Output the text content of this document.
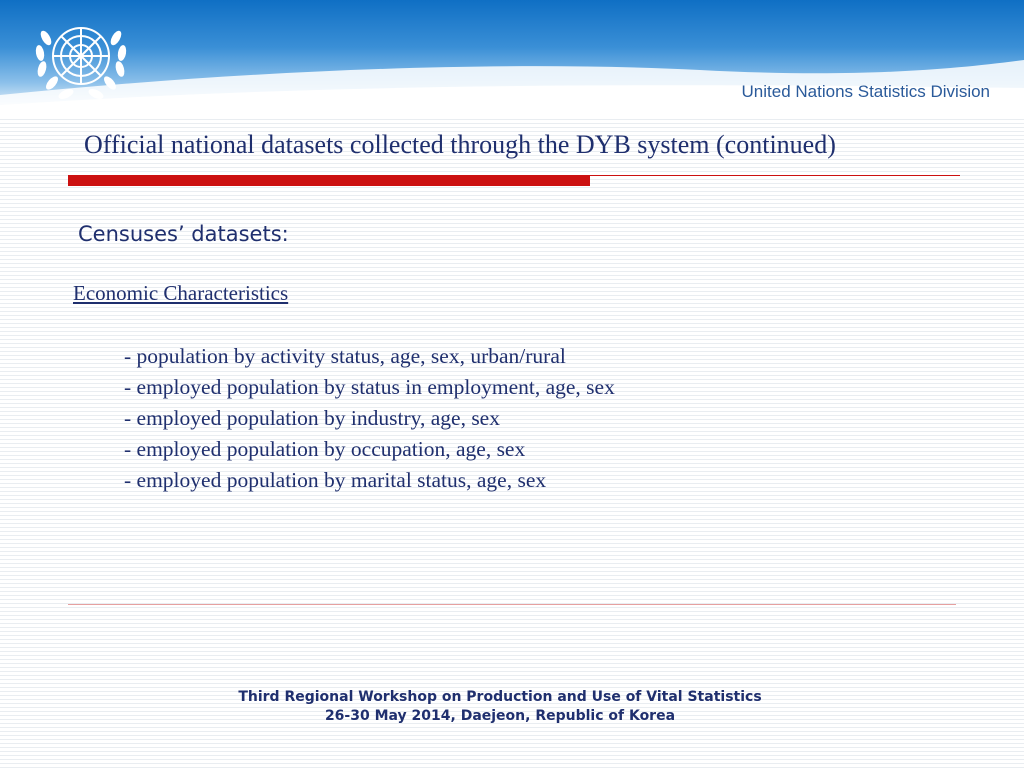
United Nations Statistics Division
Official national datasets collected through the DYB system (continued)
Censuses’ datasets:
Economic Characteristics
- population by activity status, age, sex, urban/rural
- employed population by status in employment, age, sex
- employed population by industry, age, sex
- employed population by occupation, age, sex
- employed population by marital status, age, sex
Third Regional Workshop on Production and Use of Vital Statistics
26-30 May 2014, Daejeon, Republic of Korea
